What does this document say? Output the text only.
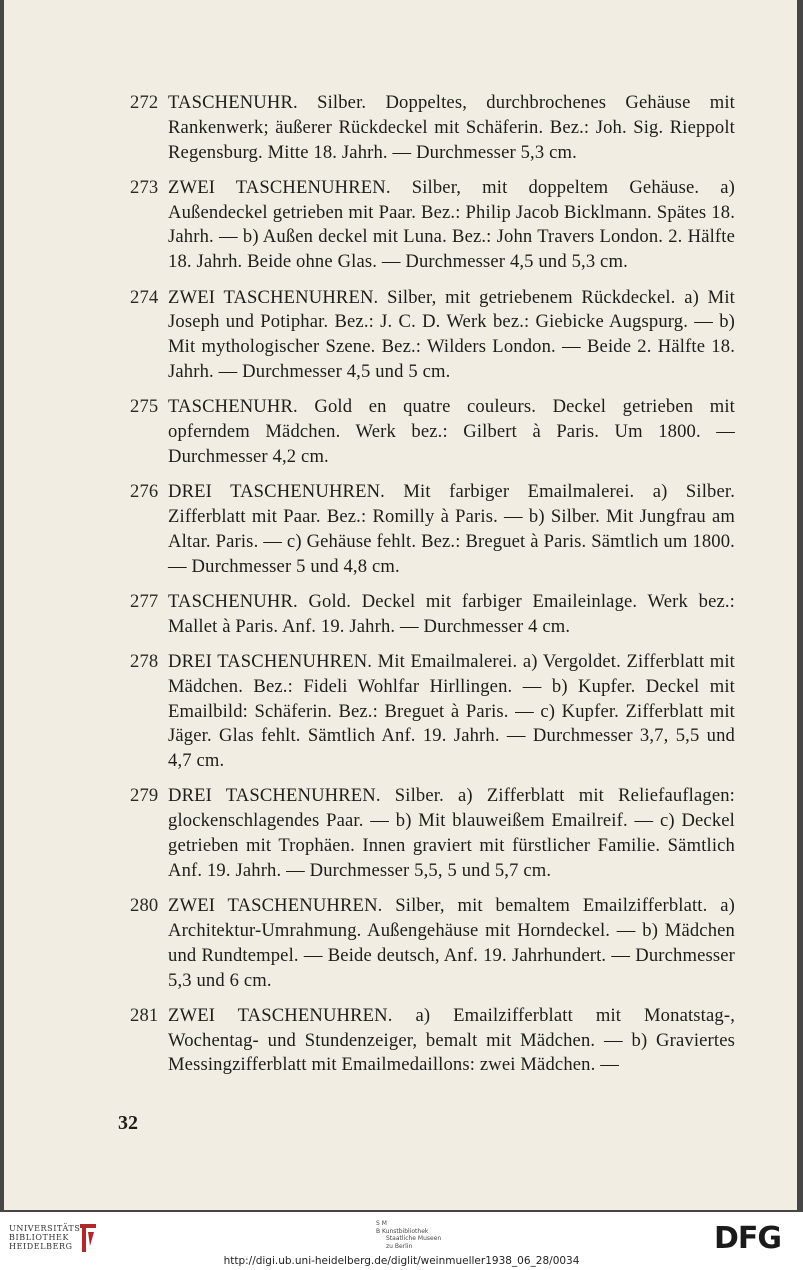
272 TASCHENUHR. Silber. Doppeltes, durchbrochenes Gehäuse mit Rankenwerk; äußerer Rückdeckel mit Schäferin. Bez.: Joh. Sig. Rieppolt Regensburg. Mitte 18. Jahrh. — Durchmesser 5,3 cm.
273 ZWEI TASCHENUHREN. Silber, mit doppeltem Gehäuse. a) Außendeckel getrieben mit Paar. Bez.: Philip Jacob Bicklmann. Spätes 18. Jahrh. — b) Außen deckel mit Luna. Bez.: John Travers London. 2. Hälfte 18. Jahrh. Beide ohne Glas. — Durchmesser 4,5 und 5,3 cm.
274 ZWEI TASCHENUHREN. Silber, mit getriebenem Rückdeckel. a) Mit Joseph und Potiphar. Bez.: J. C. D. Werk bez.: Giebicke Augspurg. — b) Mit mythologischer Szene. Bez.: Wilders London. — Beide 2. Hälfte 18. Jahrh. — Durchmesser 4,5 und 5 cm.
275 TASCHENUHR. Gold en quatre couleurs. Deckel getrieben mit opferndem Mädchen. Werk bez.: Gilbert à Paris. Um 1800. — Durchmesser 4,2 cm.
276 DREI TASCHENUHREN. Mit farbiger Emailmalerei. a) Silber. Zifferblatt mit Paar. Bez.: Romilly à Paris. — b) Silber. Mit Jungfrau am Altar. Paris. — c) Gehäuse fehlt. Bez.: Breguet à Paris. Sämtlich um 1800. — Durchmesser 5 und 4,8 cm.
277 TASCHENUHR. Gold. Deckel mit farbiger Emaileinlage. Werk bez.: Mallet à Paris. Anf. 19. Jahrh. — Durchmesser 4 cm.
278 DREI TASCHENUHREN. Mit Emailmalerei. a) Vergoldet. Zifferblatt mit Mädchen. Bez.: Fideli Wohlfar Hirllingen. — b) Kupfer. Deckel mit Emailbild: Schäferin. Bez.: Breguet à Paris. — c) Kupfer. Zifferblatt mit Jäger. Glas fehlt. Sämtlich Anf. 19. Jahrh. — Durchmesser 3,7, 5,5 und 4,7 cm.
279 DREI TASCHENUHREN. Silber. a) Zifferblatt mit Reliefauflagen: glockenschlagendes Paar. — b) Mit blauweißem Emailreif. — c) Deckel getrieben mit Trophäen. Innen graviert mit fürstlicher Familie. Sämtlich Anf. 19. Jahrh. — Durchmesser 5,5, 5 und 5,7 cm.
280 ZWEI TASCHENUHREN. Silber, mit bemaltem Emailzifferblatt. a) Architektur-Umrahmung. Außengehäuse mit Horndeckel. — b) Mädchen und Rundtempel. — Beide deutsch, Anf. 19. Jahrhundert. — Durchmesser 5,3 und 6 cm.
281 ZWEI TASCHENUHREN. a) Emailzifferblatt mit Monatstag-, Wochentag- und Stundenzeiger, bemalt mit Mädchen. — b) Graviertes Messingzifferblatt mit Emailmedaillons: zwei Mädchen. —
32
UNIVERSITÄTS
BIBLIOTHEK
HEIDELBERG
S M
B Kunstbibliothek
Staatliche Museen
zu Berlin	DFG
http://digi.ub.uni-heidelberg.de/diglit/weinmueller1938_06_28/0034
